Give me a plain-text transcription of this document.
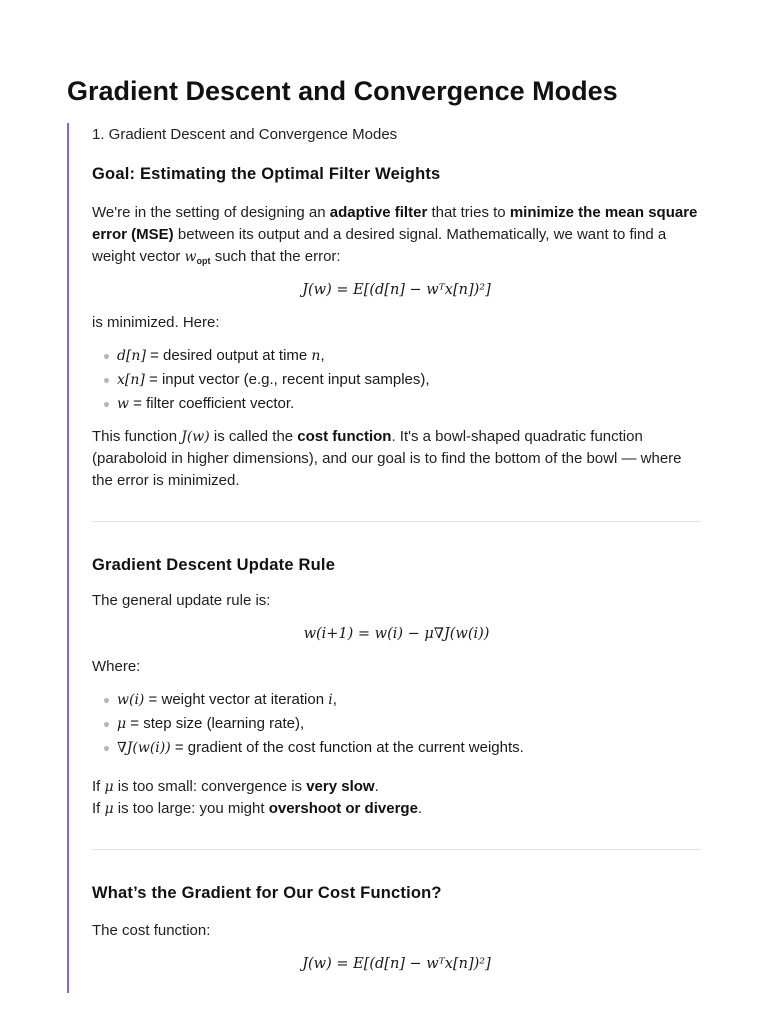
Gradient Descent and Convergence Modes
1. Gradient Descent and Convergence Modes
Goal: Estimating the Optimal Filter Weights

We're in the setting of designing an adaptive filter that tries to minimize the mean square error (MSE) between its output and a desired signal. Mathematically, we want to find a weight vector $w_{opt}$ such that the error:

J(w) = E[(d[n] − wᵀx[n])²]

is minimized. Here:

d[n] = desired output at time n,
x[n] = input vector (e.g., recent input samples),
w = filter coefficient vector.

This function J(w) is called the cost function. It's a bowl-shaped quadratic function (paraboloid in higher dimensions), and our goal is to find the bottom of the bowl — where the error is minimized.

Gradient Descent Update Rule

The general update rule is:

w(i+1) = w(i) − μ∇J(w(i))

Where:

w(i) = weight vector at iteration i,
μ = step size (learning rate),
∇J(w(i)) = gradient of the cost function at the current weights.

If μ is too small: convergence is very slow.
If μ is too large: you might overshoot or diverge.

What’s the Gradient for Our Cost Function?

The cost function:

J(w) = E[(d[n] − wᵀx[n])²]
